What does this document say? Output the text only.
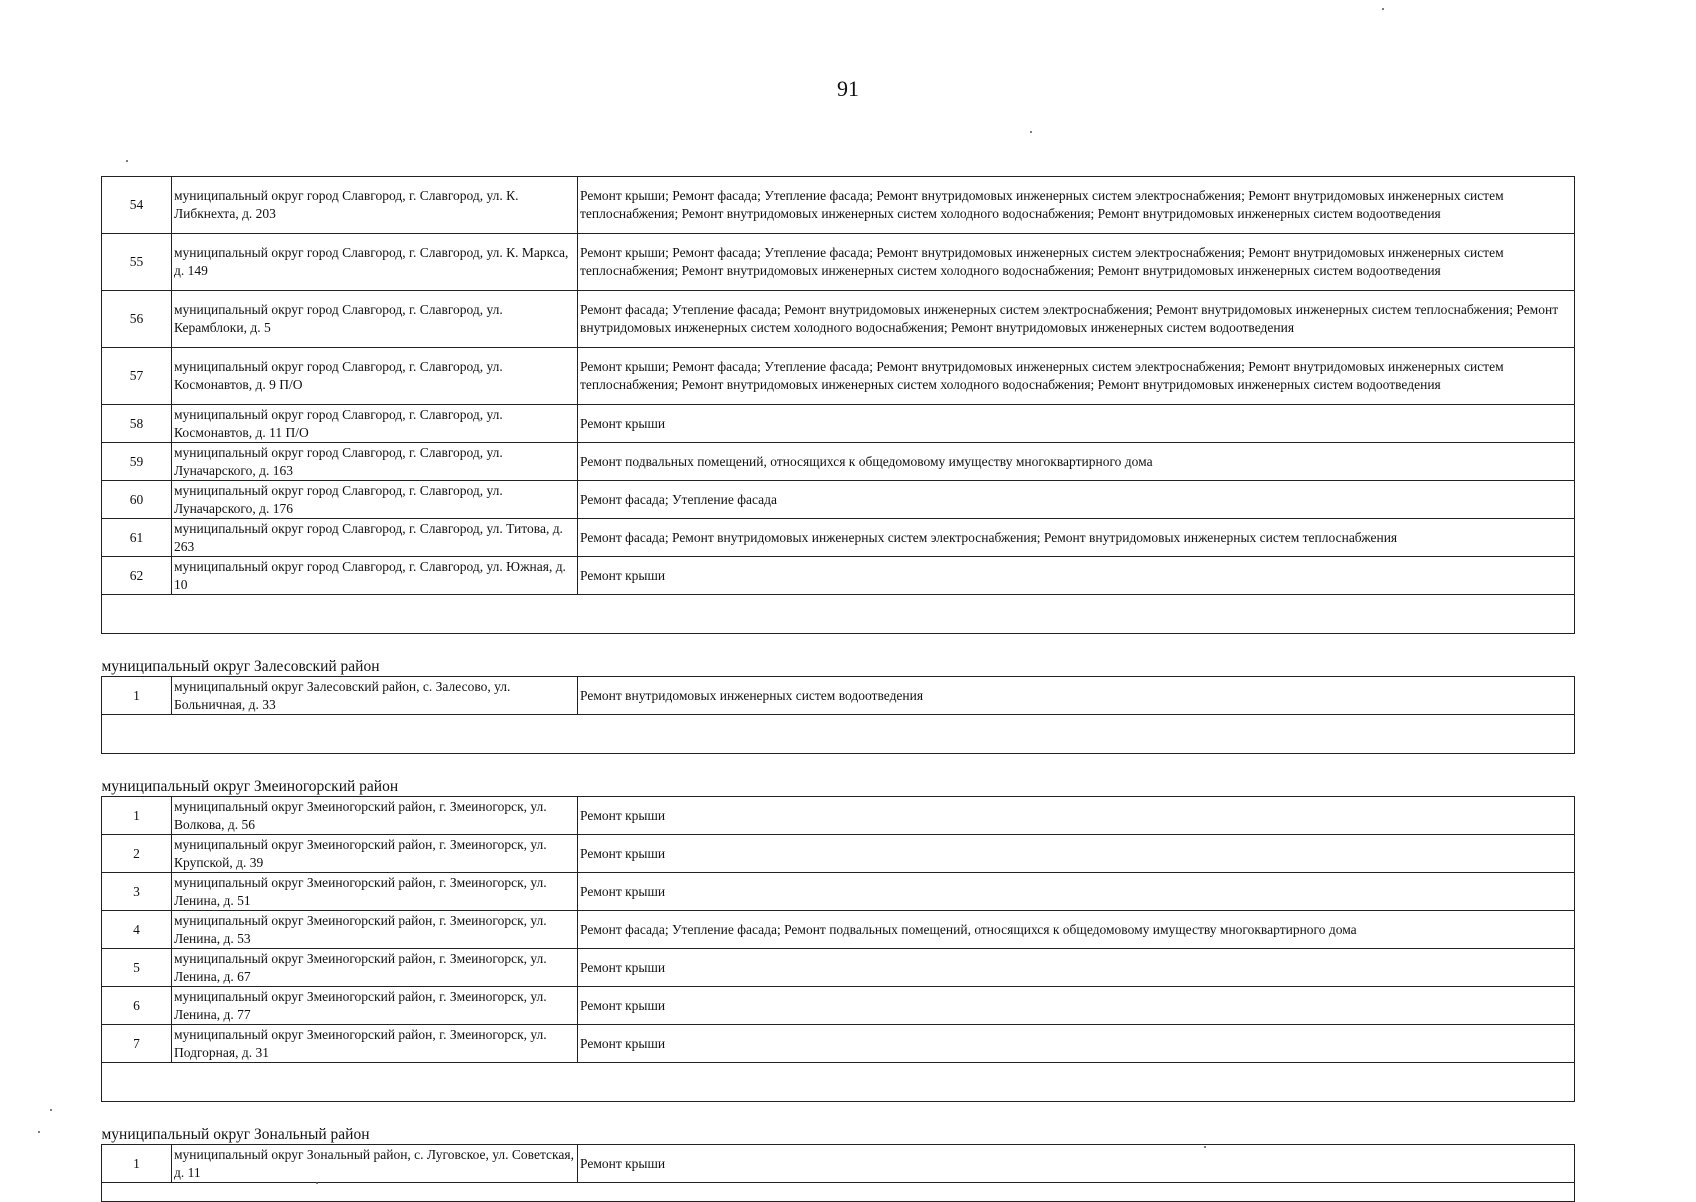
91
54	муниципальный округ город Славгород, г. Славгород, ул. К. Либкнехта, д. 203	Ремонт крыши; Ремонт фасада; Утепление фасада; Ремонт внутридомовых инженерных систем электроснабжения; Ремонт внутридомовых инженерных систем теплоснабжения; Ремонт внутридомовых инженерных систем холодного водоснабжения; Ремонт внутридомовых инженерных систем водоотведения
55	муниципальный округ город Славгород, г. Славгород, ул. К. Маркса, д. 149	Ремонт крыши; Ремонт фасада; Утепление фасада; Ремонт внутридомовых инженерных систем электроснабжения; Ремонт внутридомовых инженерных систем теплоснабжения; Ремонт внутридомовых инженерных систем холодного водоснабжения; Ремонт внутридомовых инженерных систем водоотведения
56	муниципальный округ город Славгород, г. Славгород, ул. Керамблоки, д. 5	Ремонт фасада; Утепление фасада; Ремонт внутридомовых инженерных систем электроснабжения; Ремонт внутридомовых инженерных систем теплоснабжения; Ремонт внутридомовых инженерных систем холодного водоснабжения; Ремонт внутридомовых инженерных систем водоотведения
57	муниципальный округ город Славгород, г. Славгород, ул. Космонавтов, д. 9 П/О	Ремонт крыши; Ремонт фасада; Утепление фасада; Ремонт внутридомовых инженерных систем электроснабжения; Ремонт внутридомовых инженерных систем теплоснабжения; Ремонт внутридомовых инженерных систем холодного водоснабжения; Ремонт внутридомовых инженерных систем водоотведения
58	муниципальный округ город Славгород, г. Славгород, ул. Космонавтов, д. 11 П/О	Ремонт крыши
59	муниципальный округ город Славгород, г. Славгород, ул. Луначарского, д. 163	Ремонт подвальных помещений, относящихся к общедомовому имуществу многоквартирного дома
60	муниципальный округ город Славгород, г. Славгород, ул. Луначарского, д. 176	Ремонт фасада; Утепление фасада
61	муниципальный округ город Славгород, г. Славгород, ул. Титова, д. 263	Ремонт фасада; Ремонт внутридомовых инженерных систем электроснабжения; Ремонт внутридомовых инженерных систем теплоснабжения
62	муниципальный округ город Славгород, г. Славгород, ул. Южная, д. 10	Ремонт крыши

муниципальный округ Залесовский район		
1	муниципальный округ Залесовский район, с. Залесово, ул. Больничная, д. 33	Ремонт внутридомовых инженерных систем водоотведения

муниципальный округ Змеиногорский район		
1	муниципальный округ Змеиногорский район, г. Змеиногорск, ул. Волкова, д. 56	Ремонт крыши
2	муниципальный округ Змеиногорский район, г. Змеиногорск, ул. Крупской, д. 39	Ремонт крыши
3	муниципальный округ Змеиногорский район, г. Змеиногорск, ул. Ленина, д. 51	Ремонт крыши
4	муниципальный округ Змеиногорский район, г. Змеиногорск, ул. Ленина, д. 53	Ремонт фасада; Утепление фасада; Ремонт подвальных помещений, относящихся к общедомовому имуществу многоквартирного дома
5	муниципальный округ Змеиногорский район, г. Змеиногорск, ул. Ленина, д. 67	Ремонт крыши
6	муниципальный округ Змеиногорский район, г. Змеиногорск, ул. Ленина, д. 77	Ремонт крыши
7	муниципальный округ Змеиногорский район, г. Змеиногорск, ул. Подгорная, д. 31	Ремонт крыши

муниципальный округ Зональный район		
1	муниципальный округ Зональный район, с. Луговское, ул. Советская, д. 11	Ремонт крыши
